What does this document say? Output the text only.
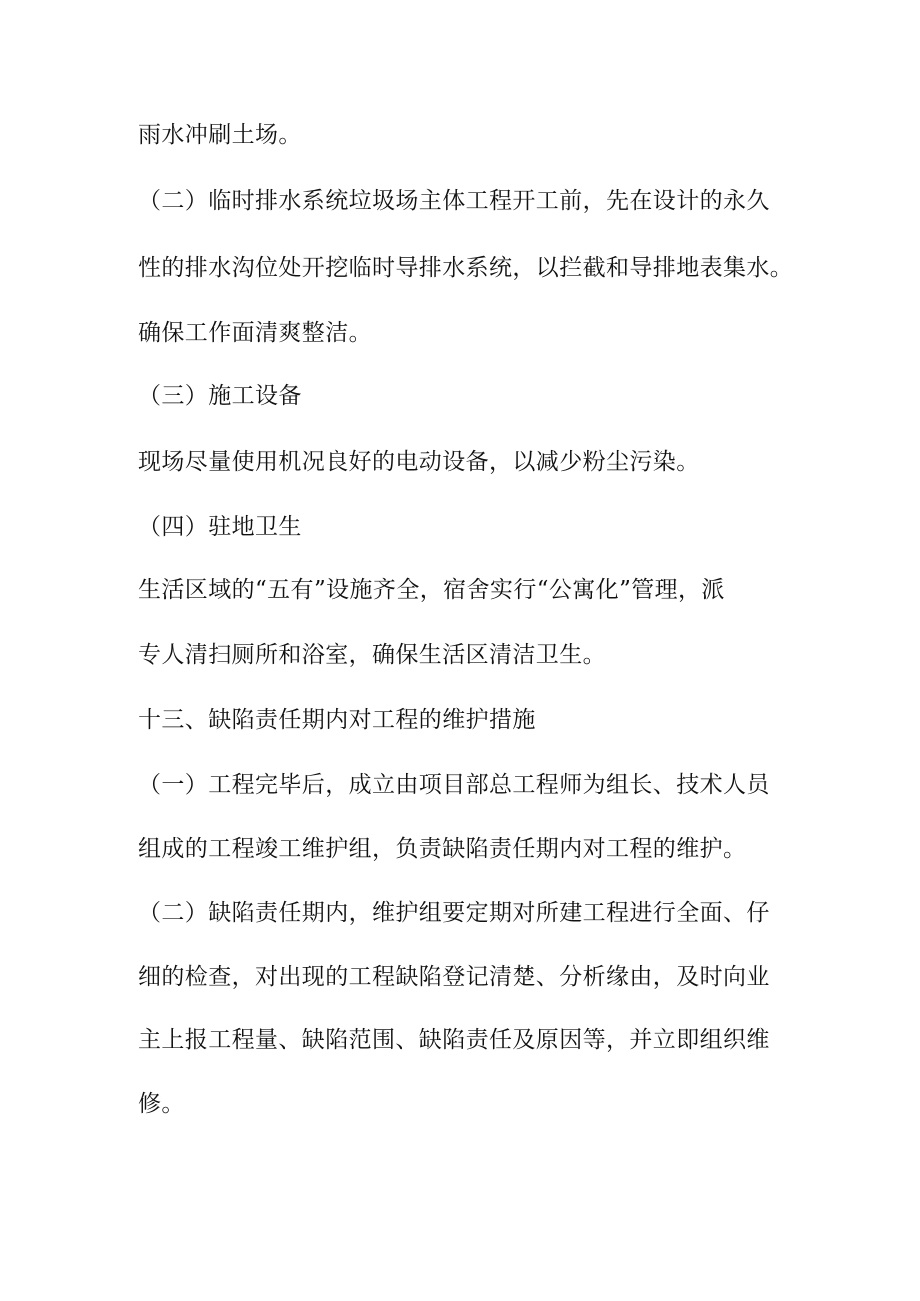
雨水冲刷土场。
（二）临时排水系统垃圾场主体工程开工前，先在设计的永久
性的排水沟位处开挖临时导排水系统，以拦截和导排地表集水。
确保工作面清爽整洁。
（三）施工设备
现场尽量使用机况良好的电动设备，以减少粉尘污染。
（四）驻地卫生
生活区域的“五有”设施齐全，宿舍实行“公寓化”管理，派
专人清扫厕所和浴室，确保生活区清洁卫生。
十三、缺陷责任期内对工程的维护措施
（一）工程完毕后，成立由项目部总工程师为组长、技术人员
组成的工程竣工维护组，负责缺陷责任期内对工程的维护。
（二）缺陷责任期内，维护组要定期对所建工程进行全面、仔
细的检查，对出现的工程缺陷登记清楚、分析缘由，及时向业
主上报工程量、缺陷范围、缺陷责任及原因等，并立即组织维
修。
